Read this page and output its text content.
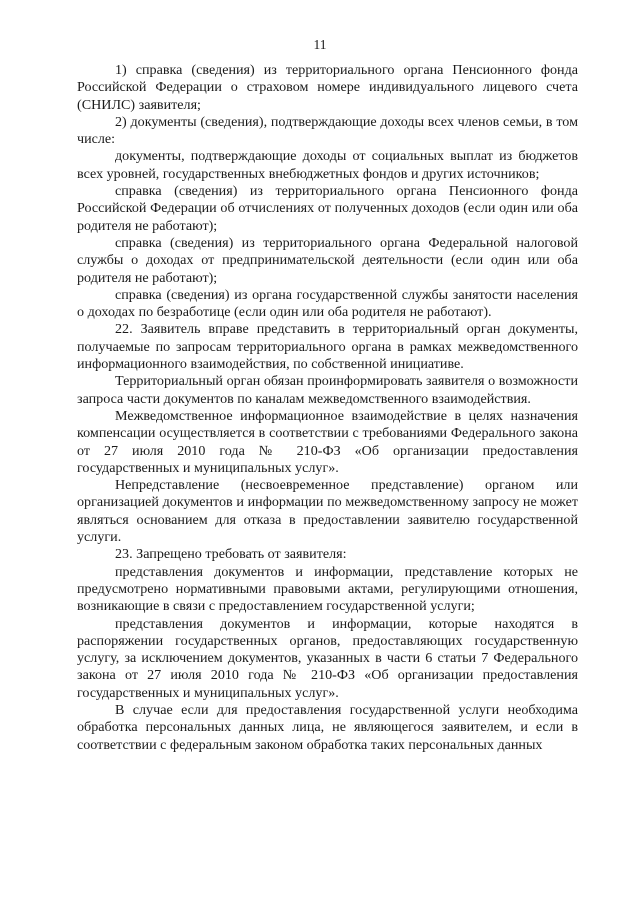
11

1) справка (сведения) из территориального органа Пенсионного фонда Российской Федерации о страховом номере индивидуального лицевого счета (СНИЛС) заявителя;

2) документы (сведения), подтверждающие доходы всех членов семьи, в том числе:

документы, подтверждающие доходы от социальных выплат из бюджетов всех уровней, государственных внебюджетных фондов и других источников;

справка (сведения) из территориального органа Пенсионного фонда Российской Федерации об отчислениях от полученных доходов (если один или оба родителя не работают);

справка (сведения) из территориального органа Федеральной налоговой службы о доходах от предпринимательской деятельности (если один или оба родителя не работают);

справка (сведения) из органа государственной службы занятости населения о доходах по безработице (если один или оба родителя не работают).

22. Заявитель вправе представить в территориальный орган документы, получаемые по запросам территориального органа в рамках межведомственного информационного взаимодействия, по собственной инициативе.

Территориальный орган обязан проинформировать заявителя о возможности запроса части документов по каналам межведомственного взаимодействия.

Межведомственное информационное взаимодействие в целях назначения компенсации осуществляется в соответствии с требованиями Федерального закона от 27 июля 2010 года № 210-ФЗ «Об организации предоставления государственных и муниципальных услуг».

Непредставление (несвоевременное представление) органом или организацией документов и информации по межведомственному запросу не может являться основанием для отказа в предоставлении заявителю государственной услуги.

23. Запрещено требовать от заявителя:

представления документов и информации, представление которых не предусмотрено нормативными правовыми актами, регулирующими отношения, возникающие в связи с предоставлением государственной услуги;

представления документов и информации, которые находятся в распоряжении государственных органов, предоставляющих государственную услугу, за исключением документов, указанных в части 6 статьи 7 Федерального закона от 27 июля 2010 года № 210-ФЗ «Об организации предоставления государственных и муниципальных услуг».

В случае если для предоставления государственной услуги необходима обработка персональных данных лица, не являющегося заявителем, и если в соответствии с федеральным законом обработка таких персональных данных
